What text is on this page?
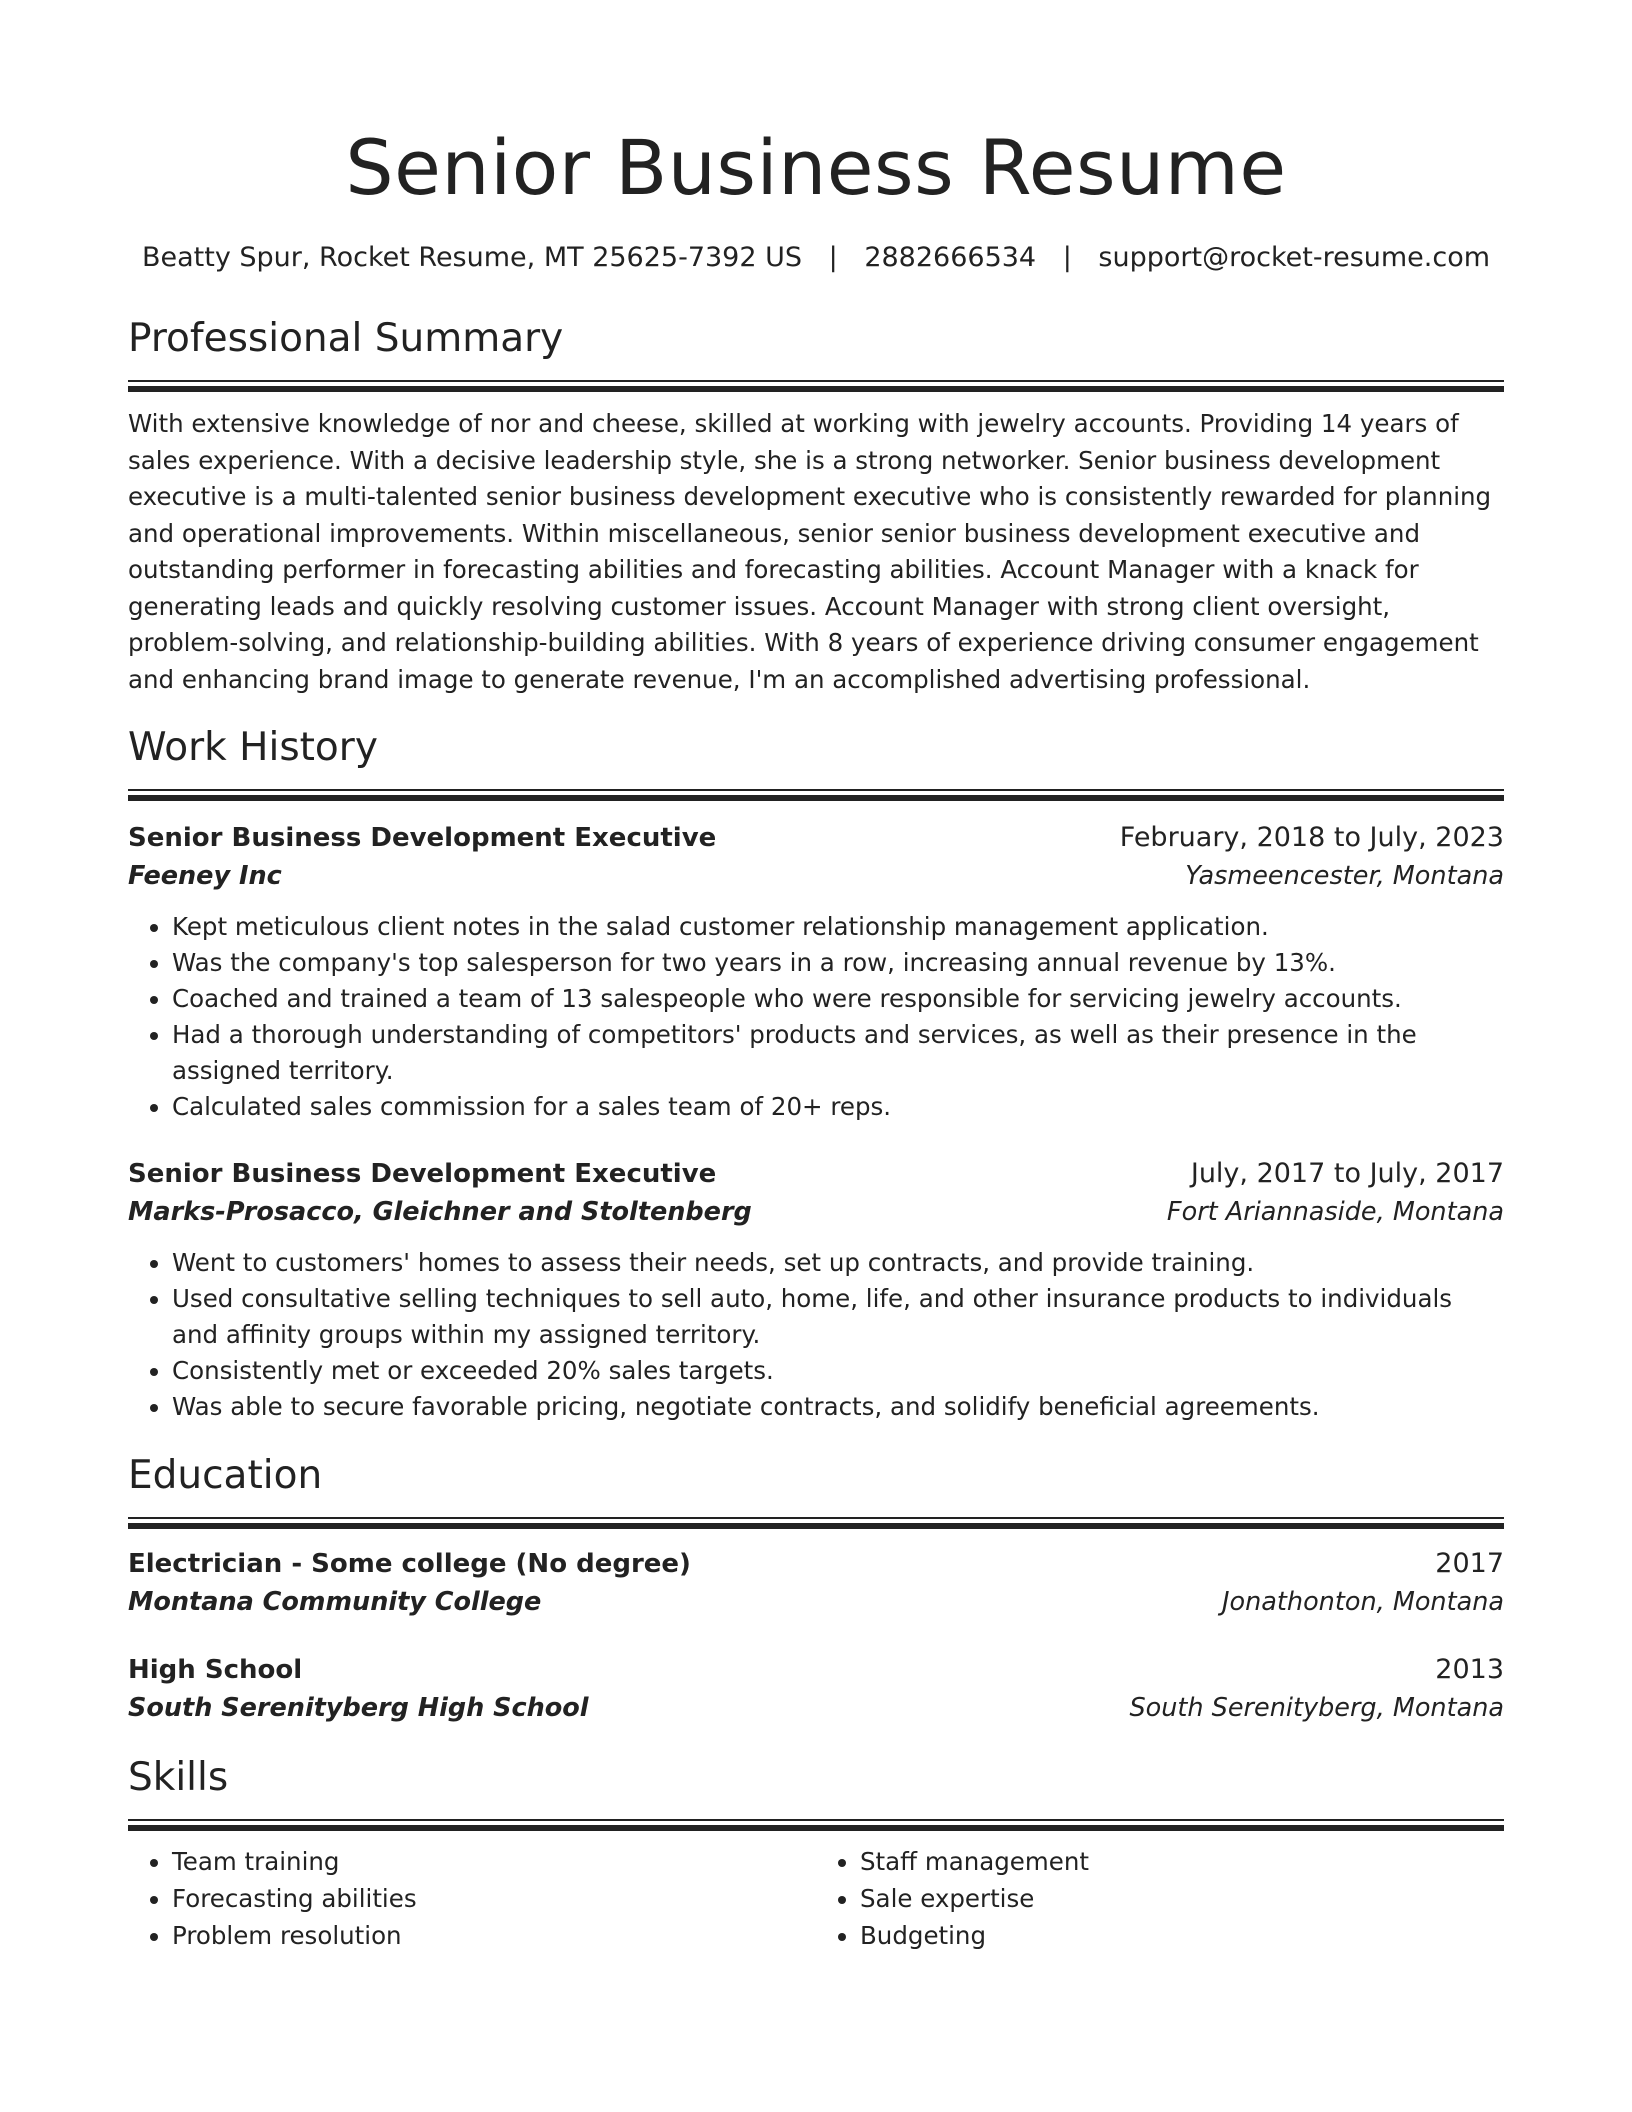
Senior Business Resume
Beatty Spur, Rocket Resume, MT 25625-7392 US | 2882666534 | support@rocket-resume.com
Professional Summary

With extensive knowledge of nor and cheese, skilled at working with jewelry accounts. Providing 14 years of sales experience. With a decisive leadership style, she is a strong networker. Senior business development executive is a multi-talented senior business development executive who is consistently rewarded for planning and operational improvements. Within miscellaneous, senior senior business development executive and outstanding performer in forecasting abilities and forecasting abilities. Account Manager with a knack for generating leads and quickly resolving customer issues. Account Manager with strong client oversight, problem-solving, and relationship-building abilities. With 8 years of experience driving consumer engagement and enhancing brand image to generate revenue, I'm an accomplished advertising professional.

Work History
Senior Business Development Executive	February, 2018 to July, 2023
Feeney Inc	Yasmeencester, Montana
• Kept meticulous client notes in the salad customer relationship management application.
• Was the company's top salesperson for two years in a row, increasing annual revenue by 13%.
• Coached and trained a team of 13 salespeople who were responsible for servicing jewelry accounts.
• Had a thorough understanding of competitors' products and services, as well as their presence in the assigned territory.
• Calculated sales commission for a sales team of 20+ reps.
Senior Business Development Executive	July, 2017 to July, 2017
Marks-Prosacco, Gleichner and Stoltenberg	Fort Ariannaside, Montana
• Went to customers' homes to assess their needs, set up contracts, and provide training.
• Used consultative selling techniques to sell auto, home, life, and other insurance products to individuals and affinity groups within my assigned territory.
• Consistently met or exceeded 20% sales targets.
• Was able to secure favorable pricing, negotiate contracts, and solidify beneficial agreements.
Education
Electrician - Some college (No degree)	2017
Montana Community College	Jonathonton, Montana
High School	2013
South Serenityberg High School	South Serenityberg, Montana
Skills
• Team training
• Forecasting abilities
• Problem resolution
• Staff management
• Sale expertise
• Budgeting
